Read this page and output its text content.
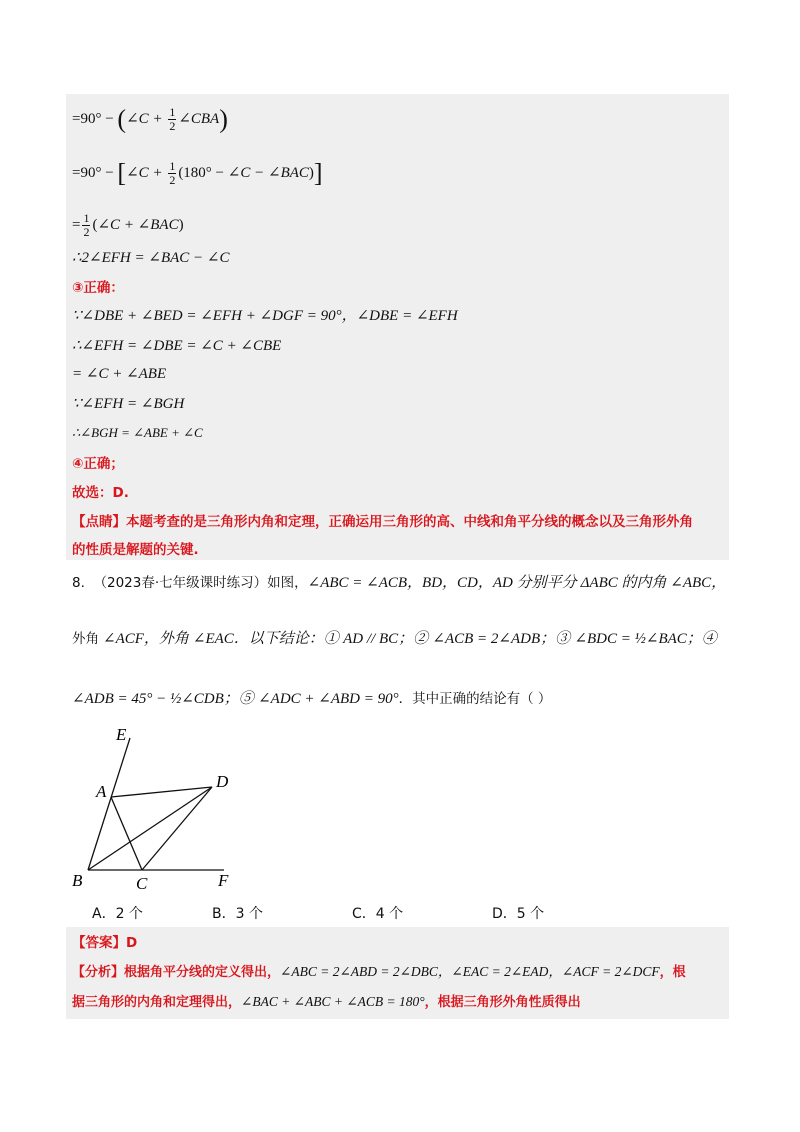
=90° − (∠C + $\frac{1}{2}$ ∠CBA)
=90° − [∠C + $\frac{1}{2} (180^\circ$ − ∠C − ∠BAC)]
= $\frac{1}{2}$ (∠C + ∠BAC)
∴2∠EFH = ∠BAC − ∠C
③正确：
∵∠DBE + ∠BED = ∠EFH + ∠DGF = 90°，∠DBE = ∠EFH
∴∠EFH = ∠DBE = ∠C + ∠CBE
= ∠C + ∠ABE
∵∠EFH = ∠BGH
∴∠BGH = ∠ABE + ∠C
④正确；
故选：D.
【点睛】本题考查的是三角形内角和定理，正确运用三角形的高、中线和角平分线的概念以及三角形外角
的性质是解题的关键.
8. （2023春·七年级课时练习）如图，∠ABC = ∠ACB，BD，CD，AD 分别平分 ΔABC 的内角 ∠ABC，
外角 ∠ACF，外角 ∠EAC．以下结论：① AD // BC；② ∠ACB = 2∠ADB；③ ∠BDC = ½∠BAC；④
∠ADB = 45° − ½∠CDB；⑤ ∠ADC + ∠ABD = 90°．其中正确的结论有（ ）
E
A
D
B	C	F
A．2 个	B．3 个	C．4 个	D．5 个
【答案】D
【分析】根据角平分线的定义得出，∠ABC = 2∠ABD = 2∠DBC，∠EAC = 2∠EAD，∠ACF = 2∠DCF，根
据三角形的内角和定理得出，∠BAC + ∠ABC + ∠ACB = 180°，根据三角形外角性质得出
